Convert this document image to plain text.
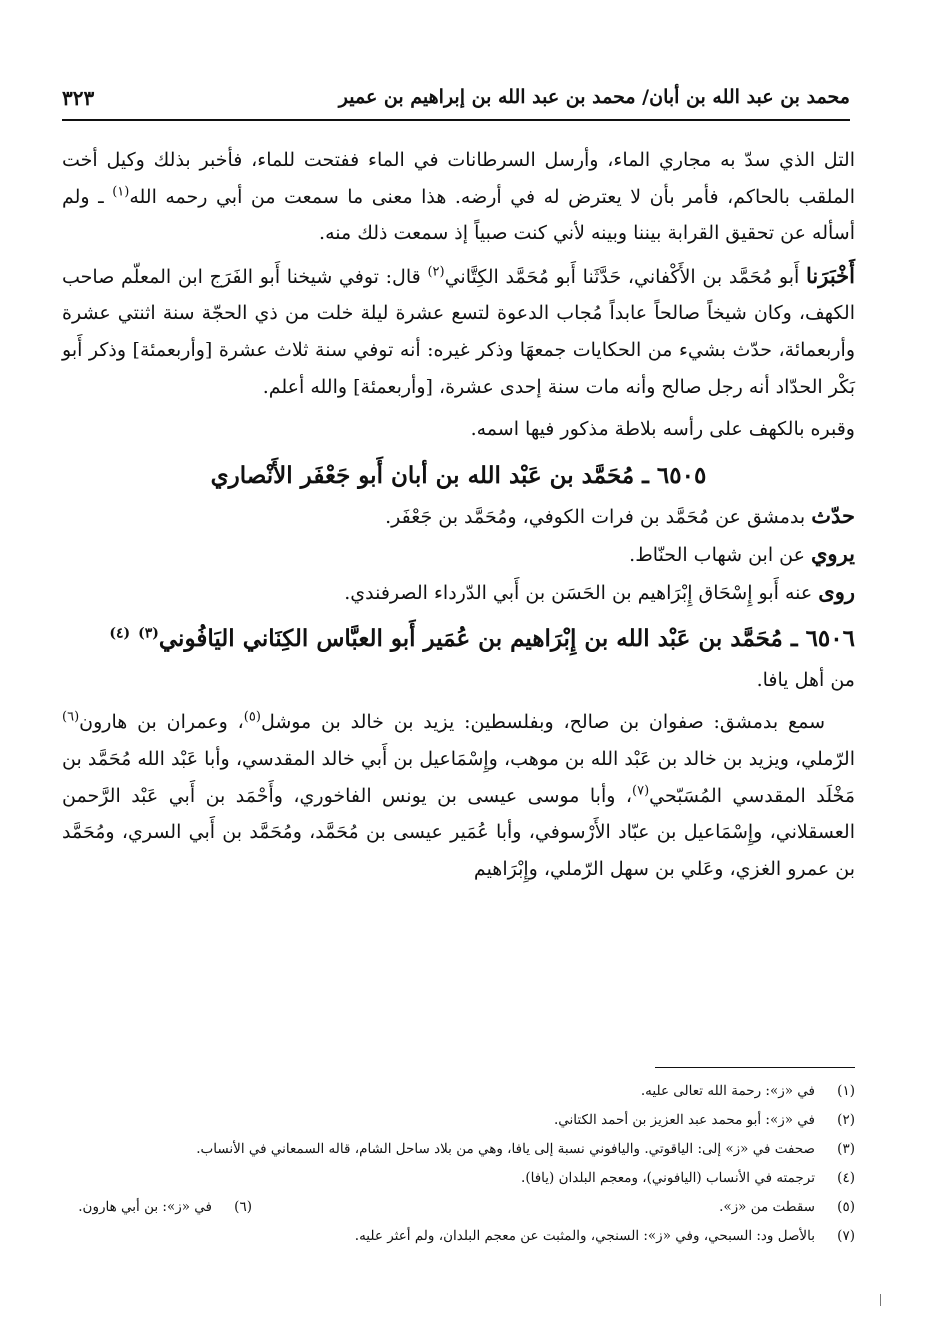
محمد بن عبد الله بن أبان/ محمد بن عبد الله بن إبراهيم بن عمير
٣٢٣

التل الذي سدّ به مجاري الماء، وأرسل السرطانات في الماء ففتحت للماء، فأخبر بذلك وكيل أخت الملقب بالحاكم، فأمر بأن لا يعترض له في أرضه. هذا معنى ما سمعت من أبي رحمه الله$^{(١)}$ ـ ولم أسأله عن تحقيق القرابة بيننا وبينه لأني كنت صبياً إذ سمعت ذلك منه.

أَخْبَرَنا أَبو مُحَمَّد بن الأَكْفاني، حَدَّثَنا أَبو مُحَمَّد الكِتَّاني$^{(٢)}$ قال: توفي شيخنا أَبو الفَرَج ابن المعلّم صاحب الكهف، وكان شيخاً صالحاً عابداً مُجاب الدعوة لتسع عشرة ليلة خلت من ذي الحجّة سنة اثنتي عشرة وأربعمائة، حدّث بشيء من الحكايات جمعهَا وذكر غيره: أنه توفي سنة ثلاث عشرة [وأربعمئة] وذكر أَبو بَكْر الحدّاد أنه رجل صالح وأنه مات سنة إحدى عشرة، [وأربعمئة] والله أعلم.

وقبره بالكهف على رأسه بلاطة مذكور فيها اسمه.

٦٥٠٥ ـ مُحَمَّد بن عَبْد الله بن أبان أَبو جَعْفَر الأَنْصاري

حدّث بدمشق عن مُحَمَّد بن فرات الكوفي، ومُحَمَّد بن جَعْفَر.

يروي عن ابن شهاب الحنّاط.

روى عنه أَبو إِسْحَاق إِبْرَاهيم بن الحَسَن بن أَبي الدّرداء الصرفندي.

٦٥٠٦ ـ مُحَمَّد بن عَبْد الله بن إِبْرَاهيم بن عُمَير أَبو العبَّاس الكِنَاني اليَافُوني$^{(٣)}$ $^{(٤)}$

من أهل يافا.

سمع بدمشق: صفوان بن صالح، وبفلسطين: يزيد بن خالد بن موشل$^{(٥)}$، وعمران بن هارون$^{(٦)}$ الرّملي، ويزيد بن خالد بن عَبْد الله بن موهب، وإِسْمَاعيل بن أَبي خالد المقدسي، وأبا عَبْد الله مُحَمَّد بن مَخْلَد المقدسي المُسَبّحي$^{(٧)}$، وأبا موسى عيسى بن يونس الفاخوري، وأَحْمَد بن أَبي عَبْد الرَّحمن العسقلاني، وإِسْمَاعيل بن عبّاد الأَرْسوفي، وأبا عُمَير عيسى بن مُحَمَّد، ومُحَمَّد بن أَبي السري، ومُحَمَّد بن عمرو الغزي، وعَلي بن سهل الرّملي، وإِبْرَاهيم

(١)
في «ز»: رحمة الله تعالى عليه.
(٢)
في «ز»: أبو محمد عبد العزيز بن أحمد الكتاني.
(٣)
صحفت في «ز» إلى: الياقوتي. واليافوني نسبة إلى يافا، وهي من بلاد ساحل الشام، قاله السمعاني في الأنساب.
(٤)
ترجمته في الأنساب (اليافوني)، ومعجم البلدان (يافا).
(٥)
سقطت من «ز».
(٦)
في «ز»: بن أبي هارون.
(٧)
بالأصل ود: السبحي، وفي «ز»: السنجي، والمثبت عن معجم البلدان، ولم أعثر عليه.
